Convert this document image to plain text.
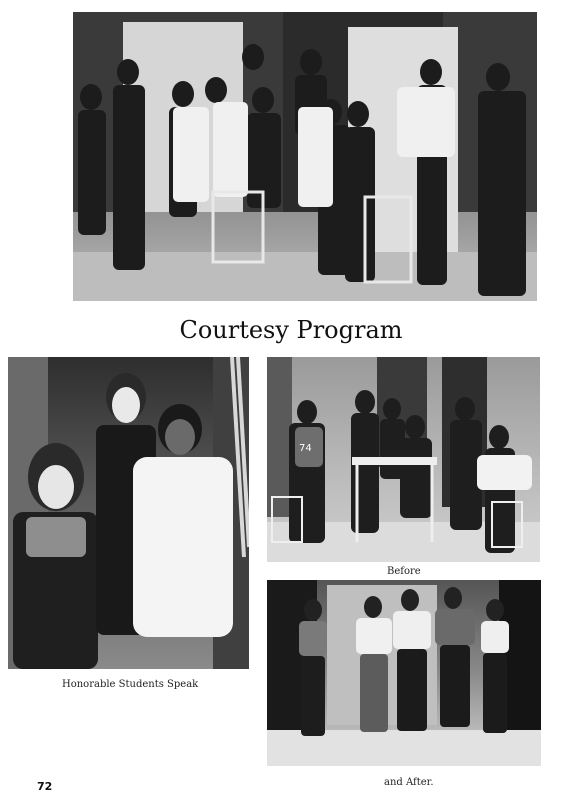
Courtesy Program
Honorable Students Speak
74
Before
and After.
72
